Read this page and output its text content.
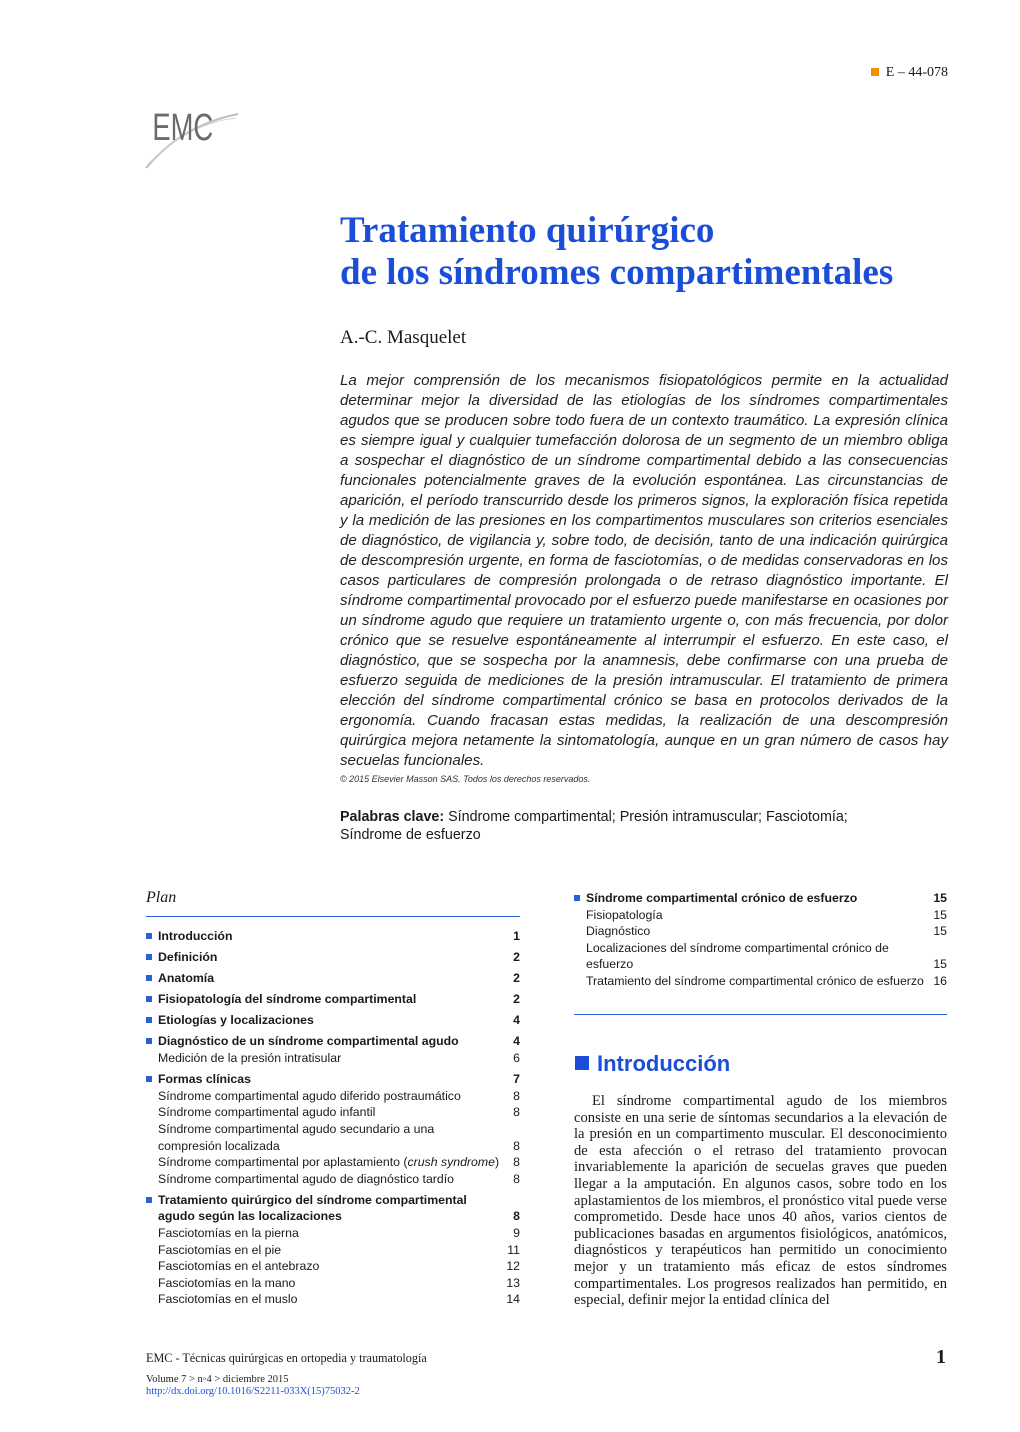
E – 44-078
EMC
Tratamiento quirúrgico
de los síndromes compartimentales
A.-C. Masquelet

La mejor comprensión de los mecanismos fisiopatológicos permite en la actualidad determinar mejor la diversidad de las etiologías de los síndromes compartimentales agudos que se producen sobre todo fuera de un contexto traumático. La expresión clínica es siempre igual y cualquier tumefacción dolorosa de un segmento de un miembro obliga a sospechar el diagnóstico de un síndrome compartimental debido a las consecuencias funcionales potencialmente graves de la evolución espontánea. Las circunstancias de aparición, el período transcurrido desde los primeros signos, la exploración física repetida y la medición de las presiones en los compartimentos musculares son criterios esenciales de diagnóstico, de vigilancia y, sobre todo, de decisión, tanto de una indicación quirúrgica de descompresión urgente, en forma de fasciotomías, o de medidas conservadoras en los casos particulares de compresión prolongada o de retraso diagnóstico importante. El síndrome compartimental provocado por el esfuerzo puede manifestarse en ocasiones por un síndrome agudo que requiere un tratamiento urgente o, con más frecuencia, por dolor crónico que se resuelve espontáneamente al interrumpir el esfuerzo. En este caso, el diagnóstico, que se sospecha por la anamnesis, debe confirmarse con una prueba de esfuerzo seguida de mediciones de la presión intramuscular. El tratamiento de primera elección del síndrome compartimental crónico se basa en protocolos derivados de la ergonomía. Cuando fracasan estas medidas, la realización de una descompresión quirúrgica mejora netamente la sintomatología, aunque en un gran número de casos hay secuelas funcionales.

© 2015 Elsevier Masson SAS. Todos los derechos reservados.
Palabras clave: Síndrome compartimental; Presión intramuscular; Fasciotomía; Síndrome de esfuerzo
Plan
Introducción	1
Definición	2
Anatomía	2
Fisiopatología del síndrome compartimental	2
Etiologías y localizaciones	4
Diagnóstico de un síndrome compartimental agudo	4
Medición de la presión intratisular	6
Formas clínicas	7
Síndrome compartimental agudo diferido postraumático	8
Síndrome compartimental agudo infantil	8
Síndrome compartimental agudo secundario a una compresión localizada	8
Síndrome compartimental por aplastamiento (crush syndrome)	8
Síndrome compartimental agudo de diagnóstico tardío	8
Tratamiento quirúrgico del síndrome compartimental agudo según las localizaciones	8
Fasciotomías en la pierna	9
Fasciotomías en el pie	11
Fasciotomías en el antebrazo	12
Fasciotomías en la mano	13
Fasciotomías en el muslo	14
Síndrome compartimental crónico de esfuerzo	15
Fisiopatología	15
Diagnóstico	15
Localizaciones del síndrome compartimental crónico de esfuerzo	15
Tratamiento del síndrome compartimental crónico de esfuerzo 16
Introducción

El síndrome compartimental agudo de los miembros consiste en una serie de síntomas secundarios a la elevación de la presión en un compartimento muscular. El desconocimiento de esta afección o el retraso del tratamiento provocan invariablemente la aparición de secuelas graves que pueden llegar a la amputación. En algunos casos, sobre todo en los aplastamientos de los miembros, el pronóstico vital puede verse comprometido. Desde hace unos 40 años, varios cientos de publicaciones basadas en argumentos fisiológicos, anatómicos, diagnósticos y terapéuticos han permitido un conocimiento mejor y un tratamiento más eficaz de estos síndromes compartimentales. Los progresos realizados han permitido, en especial, definir mejor la entidad clínica del

EMC - Técnicas quirúrgicas en ortopedia y traumatología	1
Volume 7 > n◦4 > diciembre 2015
http://dx.doi.org/10.1016/S2211-033X(15)75032-2
